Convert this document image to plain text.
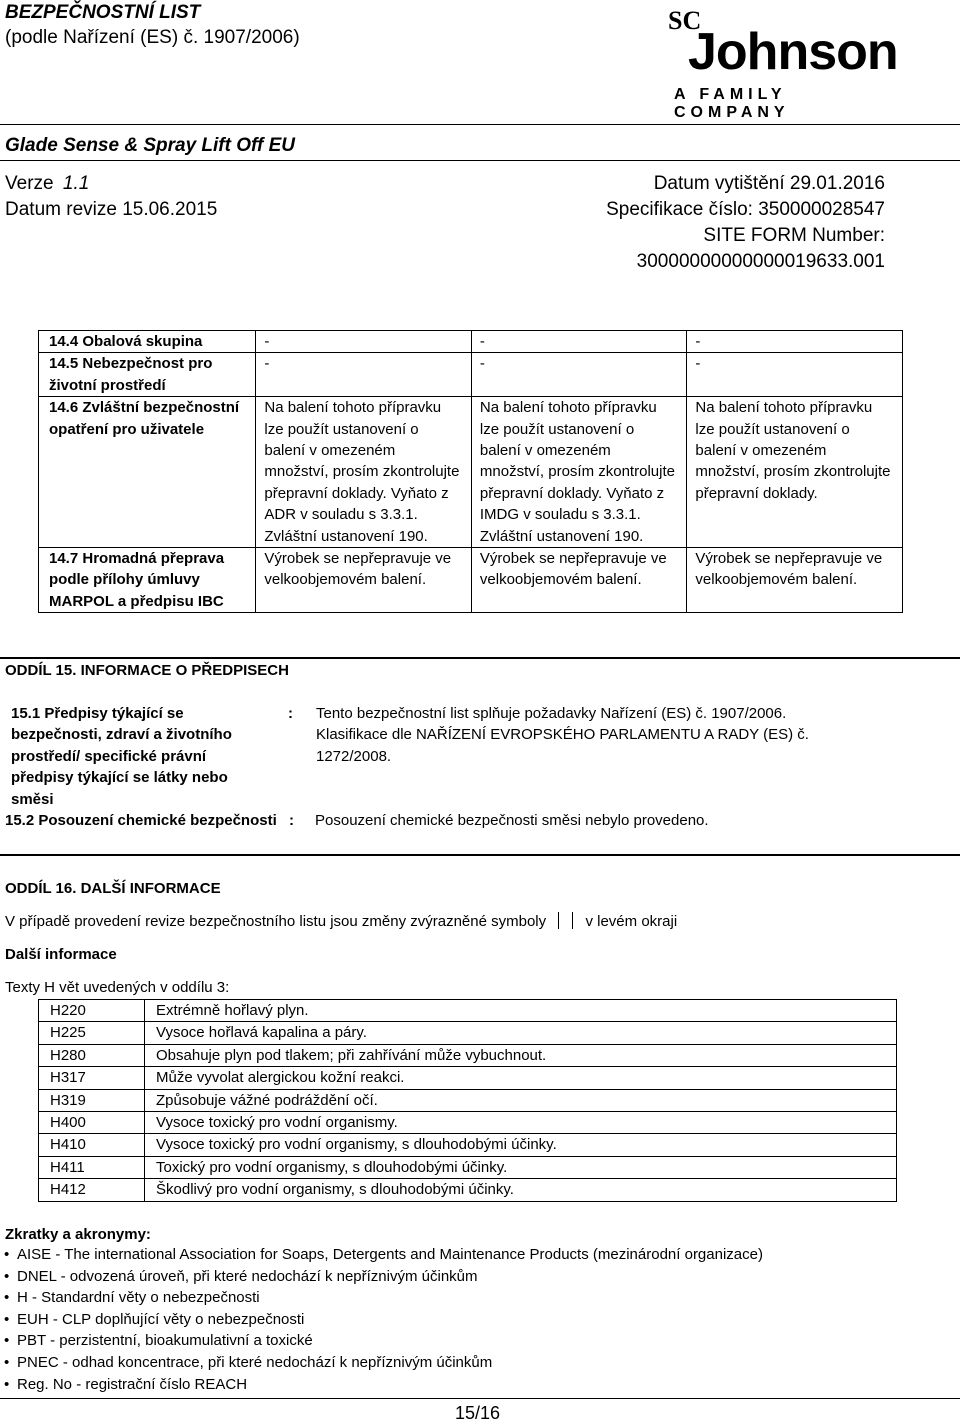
BEZPEČNOSTNÍ LIST
(podle Nařízení (ES) č. 1907/2006)
SC
Johnson
A FAMILY COMPANY
Glade Sense & Spray Lift Off EU
Verze 1.1
Datum revize 15.06.2015
Datum vytištění 29.01.2016
Specifikace číslo: 350000028547
SITE FORM Number:
30000000000000019633.001
14.4 Obalová skupina	-	-	-
14.5 Nebezpečnost pro životní prostředí	-	-	-
14.6 Zvláštní bezpečnostní opatření pro uživatele	Na balení tohoto přípravku lze použít ustanovení o balení v omezeném množství, prosím zkontrolujte přepravní doklady. Vyňato z ADR v souladu s 3.3.1. Zvláštní ustanovení 190.	Na balení tohoto přípravku lze použít ustanovení o balení v omezeném množství, prosím zkontrolujte přepravní doklady. Vyňato z IMDG v souladu s 3.3.1. Zvláštní ustanovení 190.	Na balení tohoto přípravku lze použít ustanovení o balení v omezeném množství, prosím zkontrolujte přepravní doklady.
14.7 Hromadná přeprava podle přílohy úmluvy MARPOL a předpisu IBC	Výrobek se nepřepravuje ve velkoobjemovém balení.	Výrobek se nepřepravuje ve velkoobjemovém balení.	Výrobek se nepřepravuje ve velkoobjemovém balení.
ODDÍL 15. INFORMACE O PŘEDPISECH
15.1 Předpisy týkající se
bezpečnosti, zdraví a životního
prostředí/ specifické právní
předpisy týkající se látky nebo
směsi
: Tento bezpečnostní list splňuje požadavky Nařízení (ES) č. 1907/2006.
Klasifikace dle NAŘÍZENÍ EVROPSKÉHO PARLAMENTU A RADY (ES) č.
1272/2008.
15.2 Posouzení chemické bezpečnosti : Posouzení chemické bezpečnosti směsi nebylo provedeno.
ODDÍL 16. DALŠÍ INFORMACE
V případě provedení revize bezpečnostního listu jsou změny zvýrazněné symboly	v levém okraji
Další informace
Texty H vět uvedených v oddílu 3:
H220	Extrémně hořlavý plyn.
H225	Vysoce hořlavá kapalina a páry.
H280	Obsahuje plyn pod tlakem; při zahřívání může vybuchnout.
H317	Může vyvolat alergickou kožní reakci.
H319	Způsobuje vážné podráždění očí.
H400	Vysoce toxický pro vodní organismy.
H410	Vysoce toxický pro vodní organismy, s dlouhodobými účinky.
H411	Toxický pro vodní organismy, s dlouhodobými účinky.
H412	Škodlivý pro vodní organismy, s dlouhodobými účinky.
Zkratky a akronymy:
• AISE - The international Association for Soaps, Detergents and Maintenance Products (mezinárodní organizace)
• DNEL - odvozená úroveň, při které nedochází k nepříznivým účinkům
• H - Standardní věty o nebezpečnosti
• EUH - CLP doplňující věty o nebezpečnosti
• PBT - perzistentní, bioakumulativní a toxické
• PNEC - odhad koncentrace, při které nedochází k nepříznivým účinkům
• Reg. No - registrační číslo REACH
15/16
